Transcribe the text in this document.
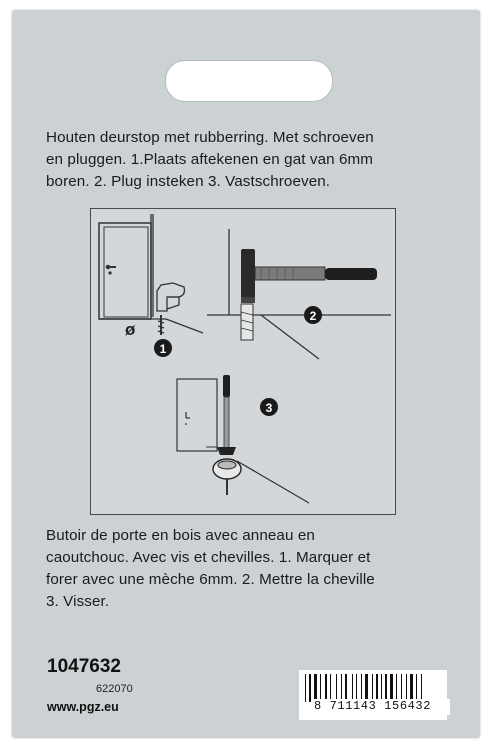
Houten deurstop met rubberring. Met schroeven
en pluggen. 1.Plaats aftekenen en gat van 6mm
boren. 2. Plug insteken 3. Vastschroeven.
ø
1
2
3
Butoir de porte en bois avec anneau en
caoutchouc. Avec vis et chevilles. 1. Marquer et
forer avec une mèche 6mm. 2. Mettre la cheville
3. Visser.
1047632
622070
www.pgz.eu	8 711143 156432
